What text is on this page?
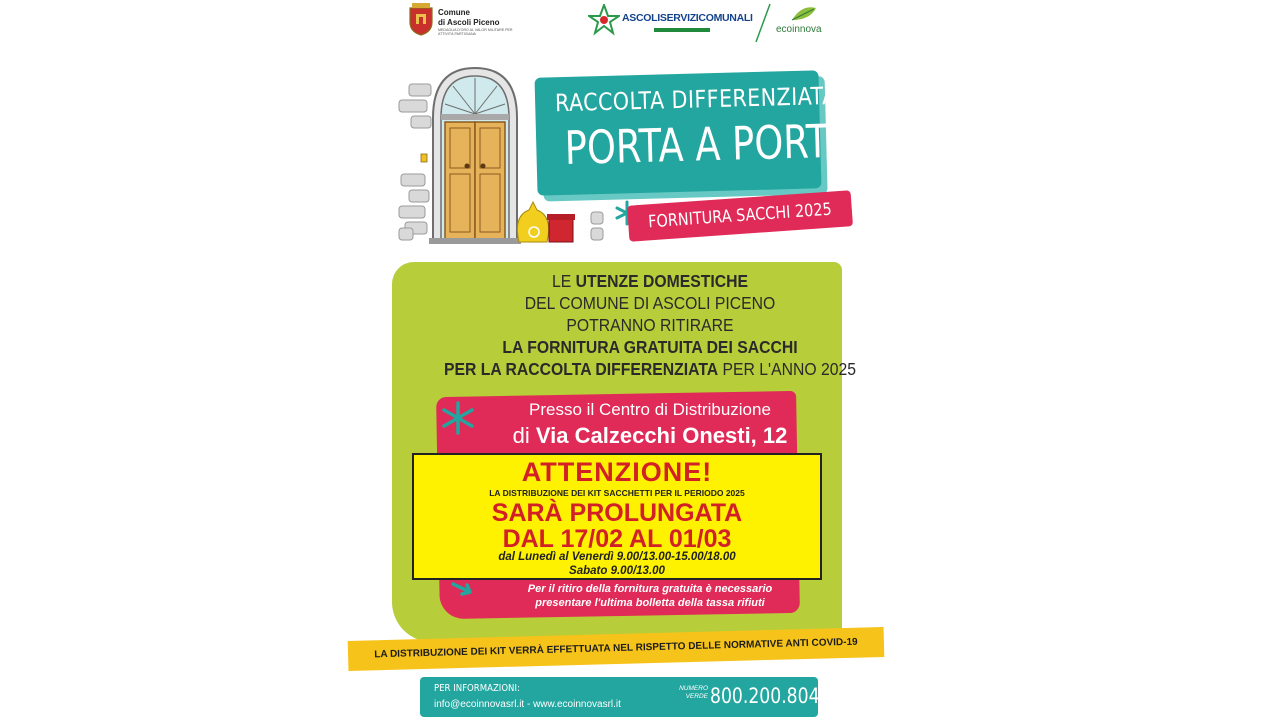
Comune
di Ascoli Piceno
MEDAGLIA D'ORO AL VALOR MILITARE PER ATTIVITÀ PARTIGIANA
ASCOLISERVIZICOMUNALI
ecoinnova
RACCOLTA DIFFERENZIATA
PORTA A PORTA
FORNITURA SACCHI 2025
LE UTENZE DOMESTICHE
DEL COMUNE DI ASCOLI PICENO
POTRANNO RITIRARE
LA FORNITURA GRATUITA DEI SACCHI
PER LA RACCOLTA DIFFERENZIATA PER L'ANNO 2025
Presso il Centro di Distribuzione
di Via Calzecchi Onesti, 12
ATTENZIONE!
LA DISTRIBUZIONE DEI KIT SACCHETTI PER IL PERIODO 2025
SARÀ PROLUNGATA
DAL 17/02 AL 01/03
dal Lunedì al Venerdì 9.00/13.00-15.00/18.00
Sabato 9.00/13.00
Per il ritiro della fornitura gratuita è necessario
presentare l'ultima bolletta della tassa rifiuti
LA DISTRIBUZIONE DEI KIT VERRÀ EFFETTUATA NEL RISPETTO DELLE NORMATIVE ANTI COVID-19
PER INFORMAZIONI:
info@ecoinnovasrl.it - www.ecoinnovasrl.it
NUMERO
VERDE 800.200.804
